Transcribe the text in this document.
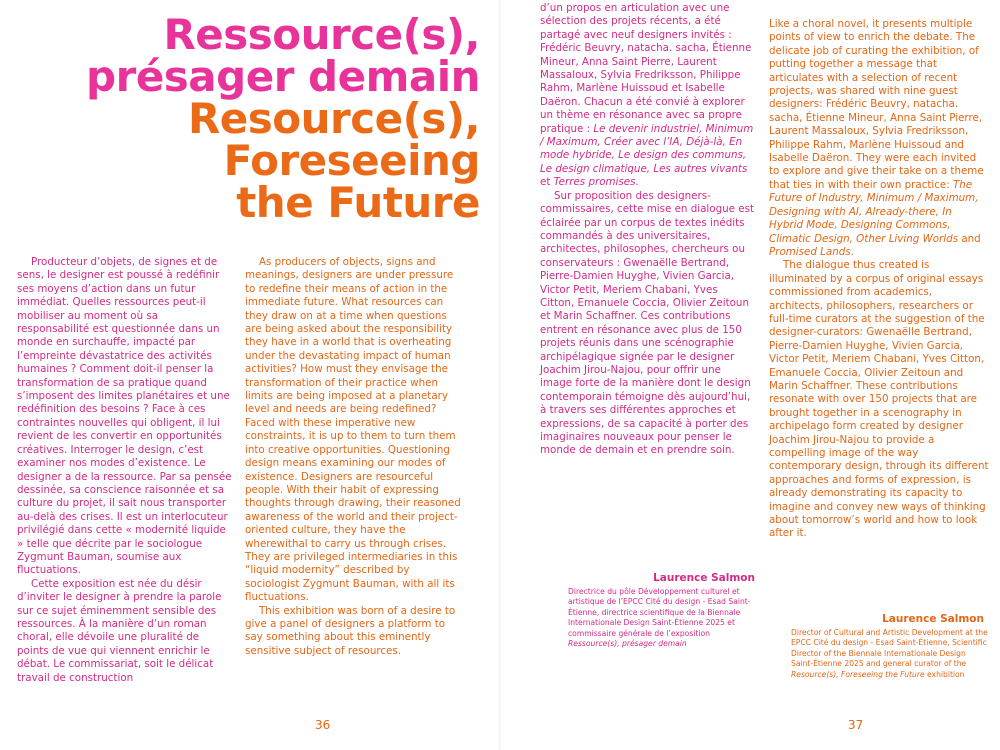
Ressource(s),
présager demain
Resource(s),
Foreseeing
the Future

Producteur d’objets, de signes et de sens, le designer est poussé à redéfinir ses moyens d’action dans un futur immédiat. Quelles ressources peut-il mobiliser au moment où sa responsabilité est questionnée dans un monde en surchauffe, impacté par l’empreinte dévastatrice des activités humaines ? Comment doit-il penser la transformation de sa pratique quand s’imposent des limites planétaires et une redéfinition des besoins ? Face à ces contraintes nouvelles qui obligent, il lui revient de les convertir en opportunités créatives. Interroger le design, c’est examiner nos modes d’existence. Le designer a de la ressource. Par sa pensée dessinée, sa conscience raisonnée et sa culture du projet, il sait nous transporter au-delà des crises. Il est un interlocuteur privilégié dans cette « modernité liquide » telle que décrite par le sociologue Zygmunt Bauman, soumise aux fluctuations.

Cette exposition est née du désir d’inviter le designer à prendre la parole sur ce sujet éminemment sensible des ressources. À la manière d’un roman choral, elle dévoile une pluralité de points de vue qui viennent enrichir le débat. Le commissariat, soit le délicat travail de construction

As producers of objects, signs and meanings, designers are under pressure to redefine their means of action in the immediate future. What resources can they draw on at a time when questions are being asked about the responsibility they have in a world that is overheating under the devastating impact of human activities? How must they envisage the transformation of their practice when limits are being imposed at a planetary level and needs are being redefined? Faced with these imperative new constraints, it is up to them to turn them into creative opportunities. Questioning design means examining our modes of existence. Designers are resourceful people. With their habit of expressing thoughts through drawing, their reasoned awareness of the world and their project-oriented culture, they have the wherewithal to carry us through crises. They are privileged intermediaries in this “liquid modernity” described by sociologist Zygmunt Bauman, with all its fluctuations.

This exhibition was born of a desire to give a panel of designers a platform to say something about this eminently sensitive subject of resources.

d’un propos en articulation avec une sélection des projets récents, a été partagé avec neuf designers invités : Frédéric Beuvry, natacha. sacha, Étienne Mineur, Anna Saint Pierre, Laurent Massaloux, Sylvia Fredriksson, Philippe Rahm, Marlène Huissoud et Isabelle Daëron. Chacun a été convié à explorer un thème en résonance avec sa propre pratique : Le devenir industriel, Minimum / Maximum, Créer avec l’IA, Déjà-là, En mode hybride, Le design des communs, Le design climatique, Les autres vivants et Terres promises.

Sur proposition des designers-commissaires, cette mise en dialogue est éclairée par un corpus de textes inédits commandés à des universitaires, architectes, philosophes, chercheurs ou conservateurs : Gwenaëlle Bertrand, Pierre-Damien Huyghe, Vivien Garcia, Victor Petit, Meriem Chabani, Yves Citton, Emanuele Coccia, Olivier Zeitoun et Marin Schaffner. Ces contributions entrent en résonance avec plus de 150 projets réunis dans une scénographie archipélagique signée par le designer Joachim Jirou-Najou, pour offrir une image forte de la manière dont le design contemporain témoigne dès aujourd’hui, à travers ses différentes approches et expressions, de sa capacité à porter des imaginaires nouveaux pour penser le monde de demain et en prendre soin.

Laurence Salmon
Directrice du pôle Développement culturel et artistique de l’EPCC Cité du design - Esad Saint-Étienne, directrice scientifique de la Biennale Internationale Design Saint-Étienne 2025 et commissaire générale de l’exposition Ressource(s), présager demain

Like a choral novel, it presents multiple points of view to enrich the debate. The delicate job of curating the exhibition, of putting together a message that articulates with a selection of recent projects, was shared with nine guest designers: Frédéric Beuvry, natacha. sacha, Étienne Mineur, Anna Saint Pierre, Laurent Massaloux, Sylvia Fredriksson, Philippe Rahm, Marlène Huissoud and Isabelle Daëron. They were each invited to explore and give their take on a theme that ties in with their own practice: The Future of Industry, Minimum / Maximum, Designing with AI, Already-there, In Hybrid Mode, Designing Commons, Climatic Design, Other Living Worlds and Promised Lands.

The dialogue thus created is illuminated by a corpus of original essays commissioned from academics, architects, philosophers, researchers or full-time curators at the suggestion of the designer-curators: Gwenaëlle Bertrand, Pierre-Damien Huyghe, Vivien Garcia, Victor Petit, Meriem Chabani, Yves Citton, Emanuele Coccia, Olivier Zeitoun and Marin Schaffner. These contributions resonate with over 150 projects that are brought together in a scenography in archipelago form created by designer Joachim Jirou-Najou to provide a compelling image of the way contemporary design, through its different approaches and forms of expression, is already demonstrating its capacity to imagine and convey new ways of thinking about tomorrow’s world and how to look after it.

Laurence Salmon
Director of Cultural and Artistic Development at the EPCC Cité du design - Esad Saint-Étienne, Scientific Director of the Biennale Internationale Design Saint-Étienne 2025 and general curator of the Resource(s), Foreseeing the Future exhibition
36	37
